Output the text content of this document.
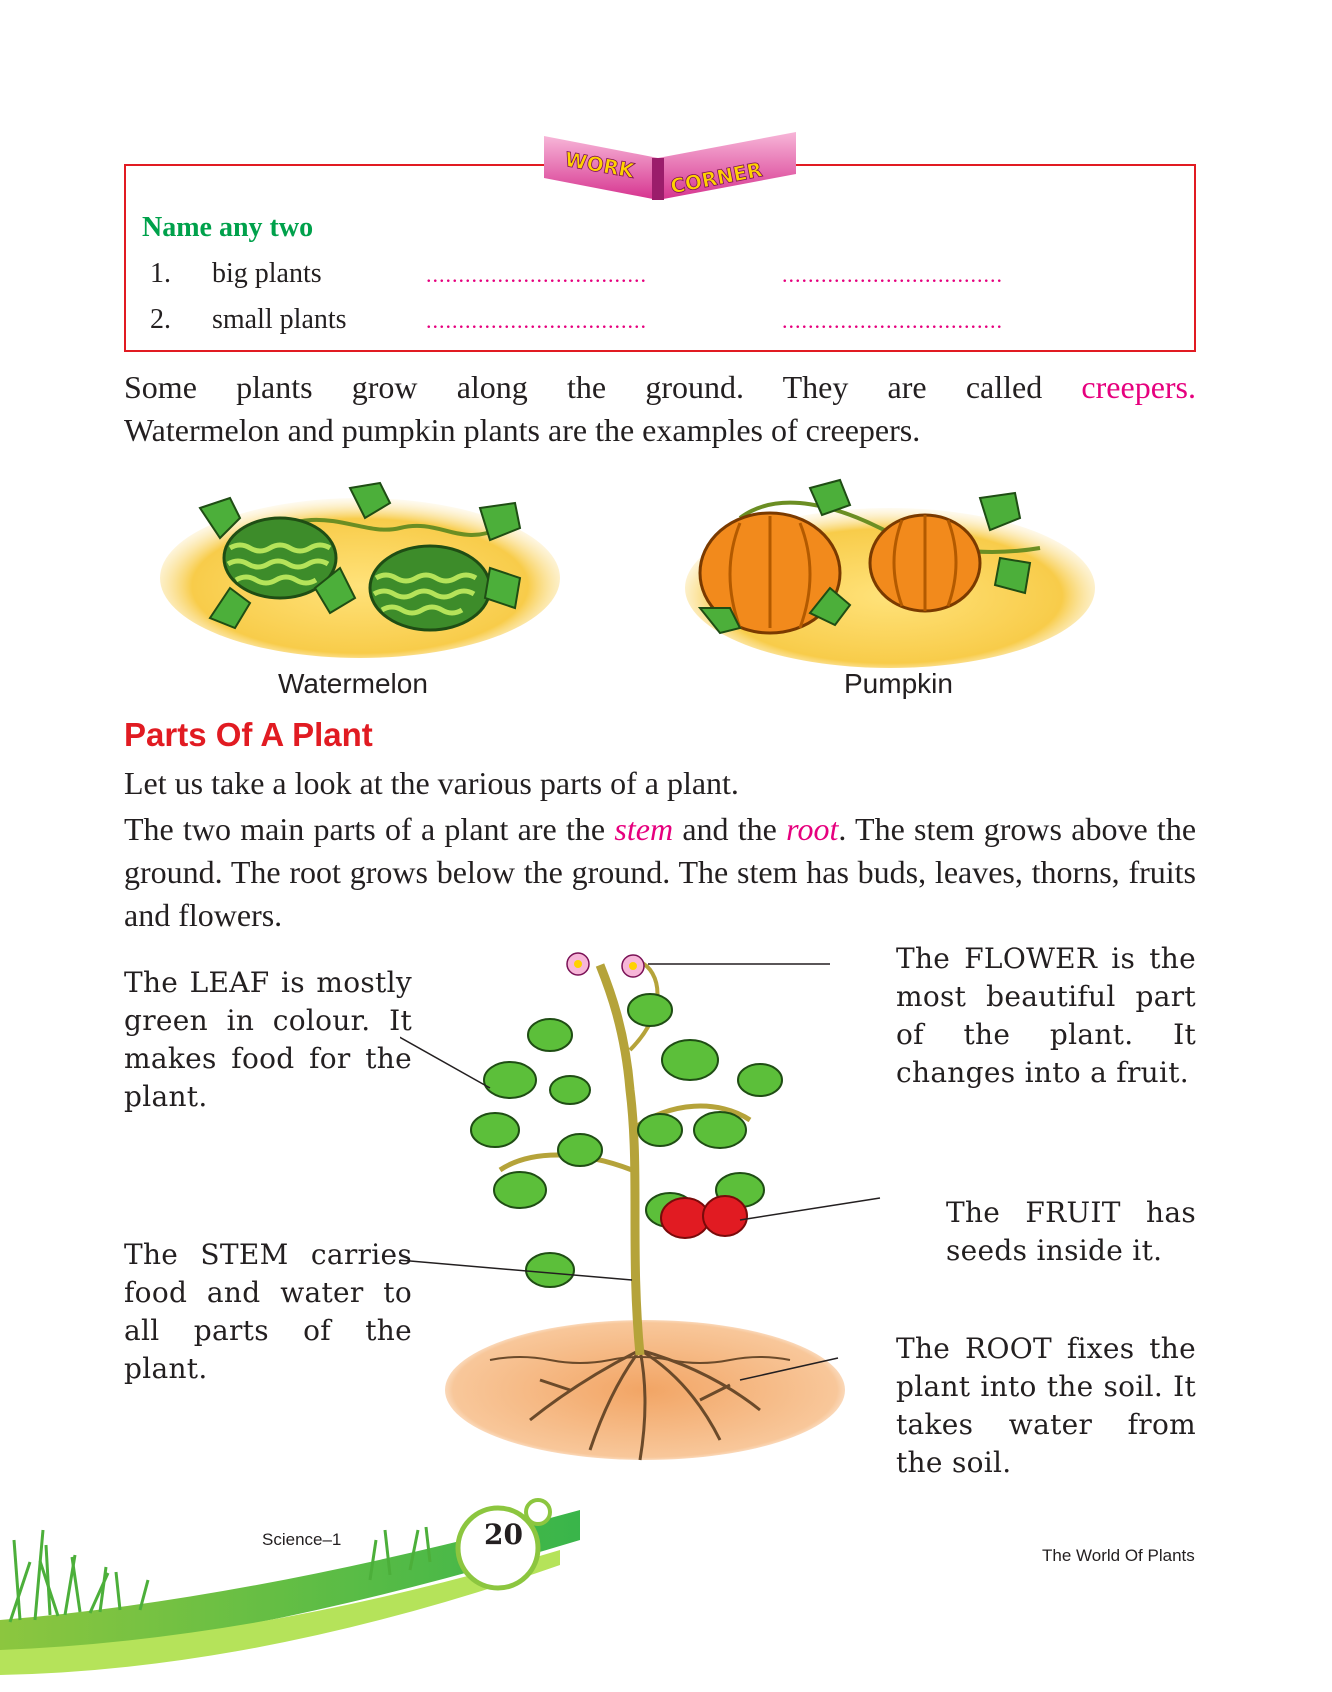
WORK CORNER
Name any two
1. big plants	..................................	..................................
2. small plants	..................................	..................................
Some plants grow along the ground. They are called creepers.
Watermelon and pumpkin plants are the examples of creepers.
Watermelon	Pumpkin
Parts Of A Plant
Let us take a look at the various parts of a plant.
The two main parts of a plant are the stem and the root. The stem grows above the ground. The root grows below the ground. The stem has buds, leaves, thorns, fruits and flowers.
The LEAF is mostly green in colour. It makes food for the plant.
The STEM carries food and water to all parts of the plant.
The FLOWER is the most beautiful part of the plant. It changes into a fruit.
The FRUIT has seeds inside it.
The ROOT fixes the plant into the soil. It takes water from the soil.
20
Science–1
The World Of Plants
